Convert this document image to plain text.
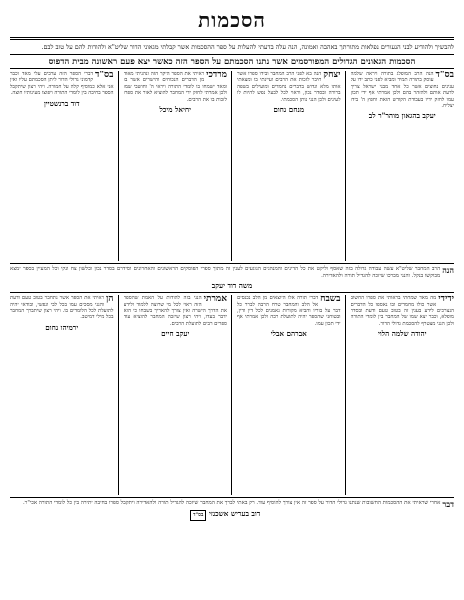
הסכמות
להבשיך ולהודיע לבני הנעורים נפלאות מתורתך באהבה ואמונה, הנה עלה בדעתי להעלות על ספר ההסכמות אשר קבלתי מגאוני הדור שליט"א ולהודות להם על טוב לבם.
הסכמות הגאונים הגדולים המפורסמים אשר נתנו הסכמתם על הספר הזה כאשר יצא פעם ראשונה מבית הדפוס
בס"ד
הנה הרב המופלג בתורה ויראה שלמה עוסק בתורה תמיד ומביא לפני כתב ידו על ענינים נחוצים אשר כל אחד מבני ישראל צריך לדעת אותם ולהזהר בהם ולכן אמרתי אף ידי תכון עמו לחזק ידיו בעבודת הקודש הזאת וחפץ ה' בידו יצליח.
יעקב בהגאון מוהר"ר לב
יצחק
הנה בא לפני הרב המחבר ובידו ספרו אשר חיבר לזכות את הרבים ועיינתי בו ומצאתי אותו מלא וגדוש בדברים נחמדים ומועילים בשפה ברורה ובסדר נכון, וראוי לכל לבעל נפש להיות לו לעינים ולכן הנני נותן הסכמתי.
מנחם נחום
מרדכי
ראיתי את הספר היקר הזה ונהניתי מאוד מן הדברים הנכוחים והישרים אשר בו ומאד ישמחו בו לומדי התורה ויראי ה' וחושבי שמו ולכן אמרתי לחזק ידי המחבר להוציא לאור את ספרו לזכות בו את הרבים.
יחיאל מיכל
בס"ד
דברי הספר הזה ערבים עלי מאד וכבר קדמוני גדולי הדור ליתן הסכמתם עליו ואין אני אלא כמוסיף קלה על חמורה. ויהי רצון שיתקבל הספר בחיבה בין לומדי התורה ויפוצו מעינותיו חוצה.
דוד ברנשטיין
הנה
הרב המחבר שליט"א עשה עבודה גדולה בזה שאסף וליקט את כל הדינים והמנהגים הנוגעים לענין זה מתוך ספרי הפוסקים הראשונים והאחרונים וסידרם בסדר נכון ובלשון צח ונקי וכל המעיין בספר ימצא מבוקשו בנקל. והנני מברכו שיזכה להגדיל תורה ולהאדירה.
משה דוד יעקב
ידידי
מה מאד שמחתי בראותי את ספרו החשוב אשר כולו מחמדים ובו נאספו כל הדברים הנצרכים לידע בענין זה בטוב טעם ודעת ובסדר מופלא, וכבר יצא שמו של המחבר בין לומדי התורה ולכן הנני מצטרף להסכמת גדולי הדור.
יהודה שלמה הלוי
בשבח
דברי תורה אלו היוצאים מן הלב נכנסים אל הלב והמחבר טרח הרבה לברר כל דבר על בוריו והביא מקורות נאמנים לכל דין ודין, ובטוחני שהספר יהיה לתועלת רבה ולכן אמרתי אף ידי תכון עמו.
אברהם אבלי
אמרתי
הנני בזה להודות על האמת שהספר הזה ראוי לכל מי שרוצה ללמוד ולידע את הדרך הישרה ואין צורך להאריך בשבחו כי הוא ידבר בעדו, ויהי רצון שיזכה המחבר להוציא עוד ספרים רבים לתועלת הרבים.
יעקב חיים
הן
ראיתי את הספר אשר נתחבר בטוב טעם ודעת והנני מסכים עמו בכל לבי ונפשי, ובודאי יהיה לתועלת לכל הלומדים בו. ויהי רצון שיתברך המחבר בכל מילי דמיטב.
ירמיהו נחום
דבר
אחרי שראיתי את ההסכמות החשובות שנתנו גדולי הדור על ספר זה אין צורך להוסיף עוד. רק באתי לברך את המחבר שיזכה להגדיל תורה ולהאדירה ויתקבל ספרו בחיבה יתירה בין כל לומדי התורה אכי"ר.
דוב בעריש אשכנזי בס"ד
